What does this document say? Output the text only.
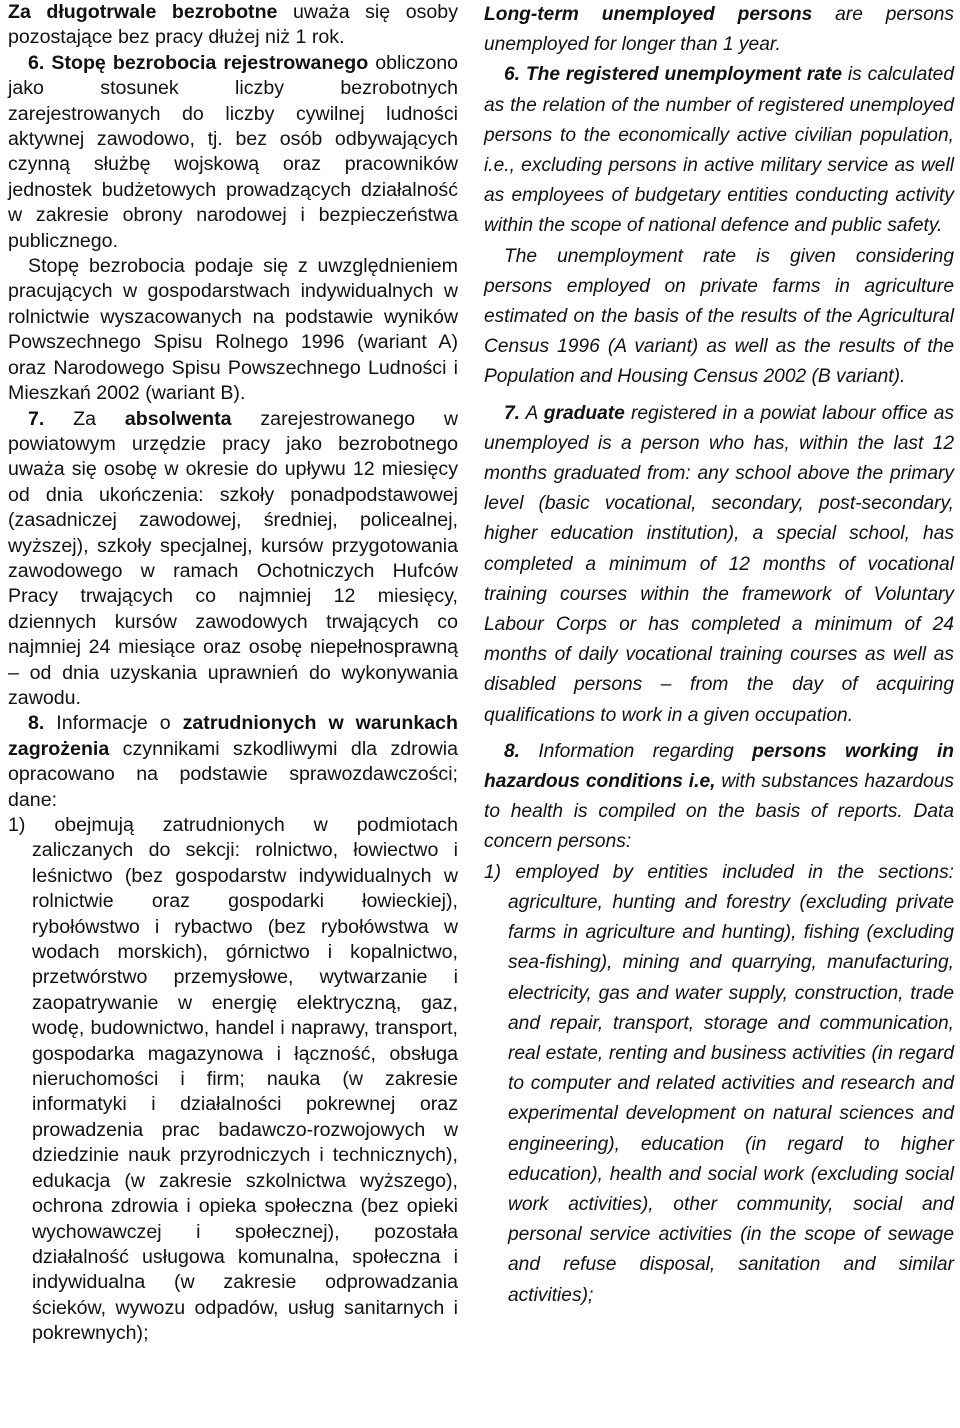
Za długotrwale bezrobotne uważa się osoby pozostające bez pracy dłużej niż 1 rok.

6. Stopę bezrobocia rejestrowanego obliczono jako stosunek liczby bezrobotnych zarejestrowanych do liczby cywilnej ludności aktywnej zawodowo, tj. bez osób odbywających czynną służbę wojskową oraz pracowników jednostek budżetowych prowadzących działalność w zakresie obrony narodowej i bezpieczeństwa publicznego.

Stopę bezrobocia podaje się z uwzględnieniem pracujących w gospodarstwach indywidualnych w rolnictwie wyszacowanych na podstawie wyników Powszechnego Spisu Rolnego 1996 (wariant A) oraz Narodowego Spisu Powszechnego Ludności i Mieszkań 2002 (wariant B).

7. Za absolwenta zarejestrowanego w powiatowym urzędzie pracy jako bezrobotnego uważa się osobę w okresie do upływu 12 miesięcy od dnia ukończenia: szkoły ponadpodstawowej (zasadniczej zawodowej, średniej, policealnej, wyższej), szkoły specjalnej, kursów przygotowania zawodowego w ramach Ochotniczych Hufców Pracy trwających co najmniej 12 miesięcy, dziennych kursów zawodowych trwających co najmniej 24 miesiące oraz osobę niepełnosprawną – od dnia uzyskania uprawnień do wykonywania zawodu.

8. Informacje o zatrudnionych w warunkach zagrożenia czynnikami szkodliwymi dla zdrowia opracowano na podstawie sprawozdawczości; dane:

1) obejmują zatrudnionych w podmiotach zaliczanych do sekcji: rolnictwo, łowiectwo i leśnictwo (bez gospodarstw indywidualnych w rolnictwie oraz gospodarki łowieckiej), rybołówstwo i rybactwo (bez rybołówstwa w wodach morskich), górnictwo i kopalnictwo, przetwórstwo przemysłowe, wytwarzanie i zaopatrywanie w energię elektryczną, gaz, wodę, budownictwo, handel i naprawy, transport, gospodarka magazynowa i łączność, obsługa nieruchomości i firm; nauka (w zakresie informatyki i działalności pokrewnej oraz prowadzenia prac badawczo-rozwojowych w dziedzinie nauk przyrodniczych i technicznych), edukacja (w zakresie szkolnictwa wyższego), ochrona zdrowia i opieka społeczna (bez opieki wychowawczej i społecznej), pozostała działalność usługowa komunalna, społeczna i indywidualna (w zakresie odprowadzania ścieków, wywozu odpadów, usług sanitarnych i pokrewnych);

Long-term unemployed persons are persons unemployed for longer than 1 year.

6. The registered unemployment rate is calculated as the relation of the number of registered unemployed persons to the economically active civilian population, i.e., excluding persons in active military service as well as employees of budgetary entities conducting activity within the scope of national defence and public safety.

The unemployment rate is given considering persons employed on private farms in agriculture estimated on the basis of the results of the Agricultural Census 1996 (A variant) as well as the results of the Population and Housing Census 2002 (B variant).

7. A graduate registered in a powiat labour office as unemployed is a person who has, within the last 12 months graduated from: any school above the primary level (basic vocational, secondary, post-secondary, higher education institution), a special school, has completed a minimum of 12 months of vocational training courses within the framework of Voluntary Labour Corps or has completed a minimum of 24 months of daily vocational training courses as well as disabled persons – from the day of acquiring qualifications to work in a given occupation.

8. Information regarding persons working in hazardous conditions i.e, with substances hazardous to health is compiled on the basis of reports. Data concern persons:

1) employed by entities included in the sections: agriculture, hunting and forestry (excluding private farms in agriculture and hunting), fishing (excluding sea-fishing), mining and quarrying, manufacturing, electricity, gas and water supply, construction, trade and repair, transport, storage and communication, real estate, renting and business activities (in regard to computer and related activities and research and experimental development on natural sciences and engineering), education (in regard to higher education), health and social work (excluding social work activities), other community, social and personal service activities (in the scope of sewage and refuse disposal, sanitation and similar activities);
